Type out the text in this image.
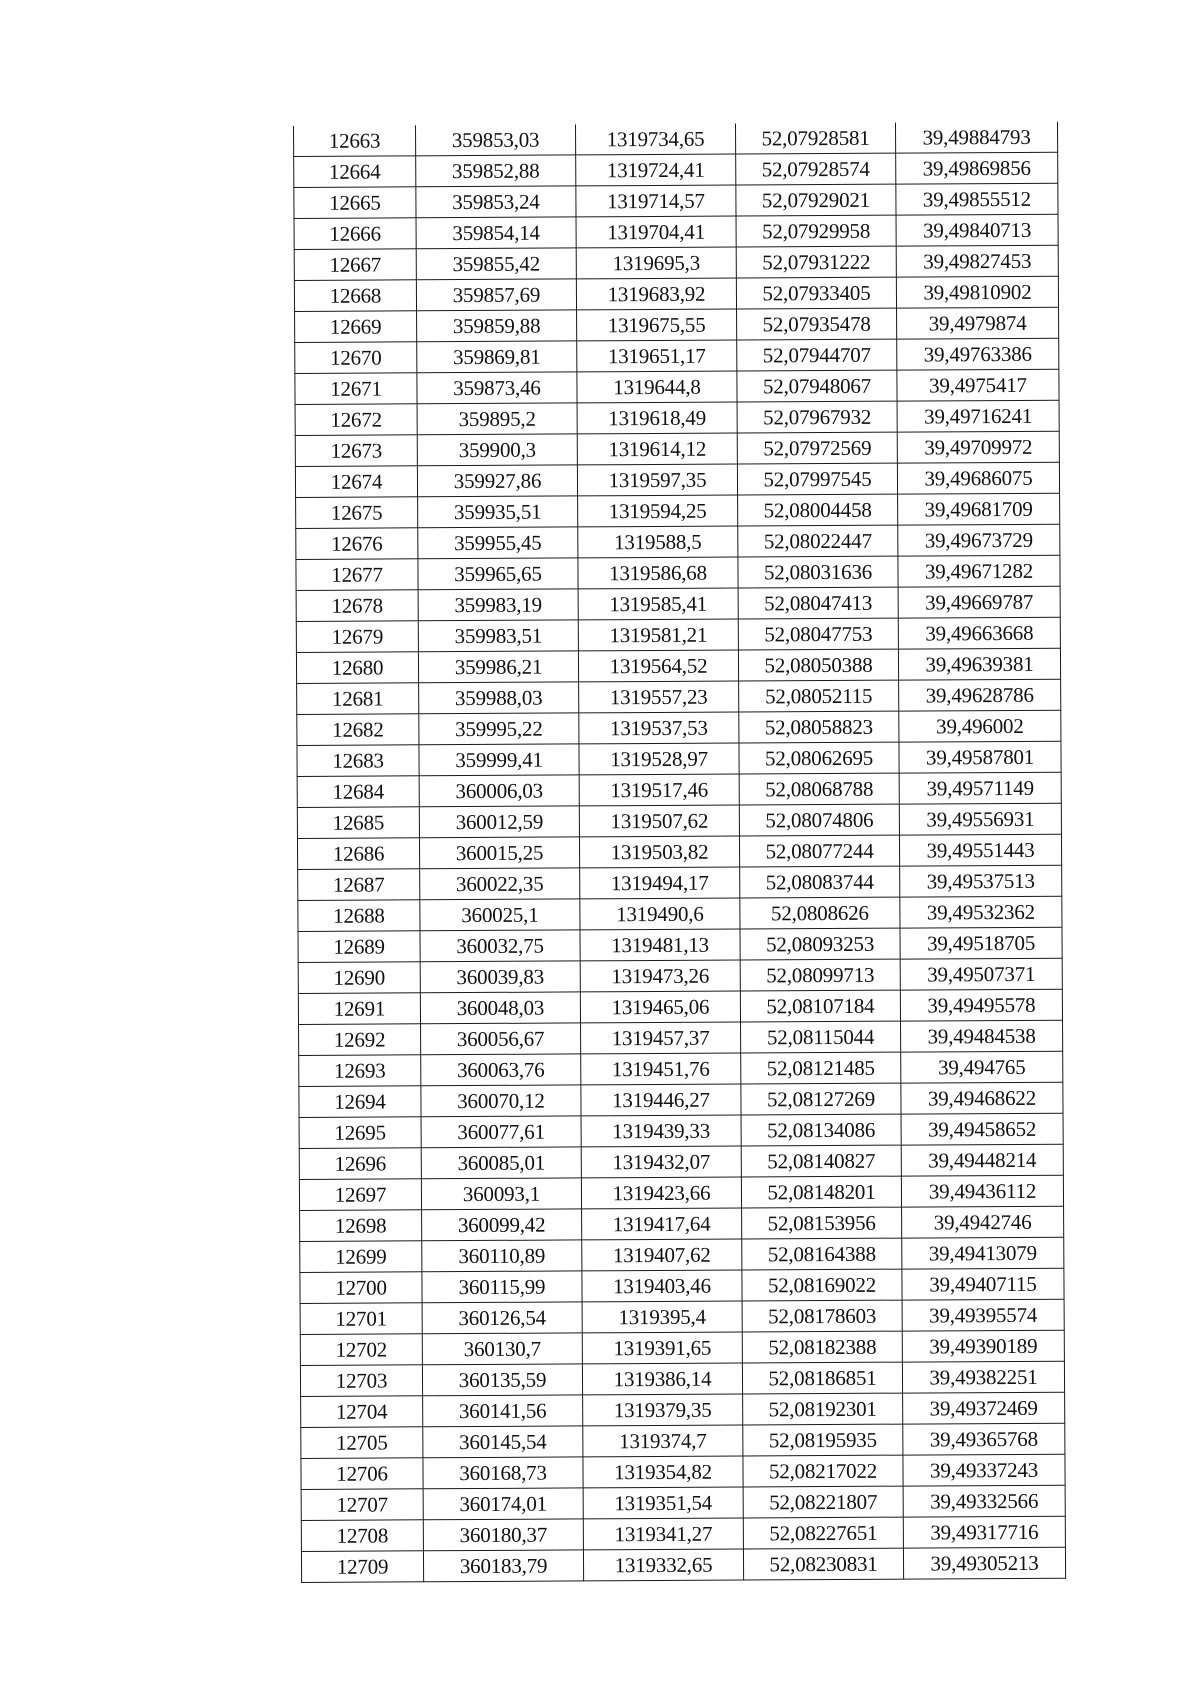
12663	359853,03	1319734,65	52,07928581	39,49884793
12664	359852,88	1319724,41	52,07928574	39,49869856
12665	359853,24	1319714,57	52,07929021	39,49855512
12666	359854,14	1319704,41	52,07929958	39,49840713
12667	359855,42	1319695,3	52,07931222	39,49827453
12668	359857,69	1319683,92	52,07933405	39,49810902
12669	359859,88	1319675,55	52,07935478	39,4979874
12670	359869,81	1319651,17	52,07944707	39,49763386
12671	359873,46	1319644,8	52,07948067	39,4975417
12672	359895,2	1319618,49	52,07967932	39,49716241
12673	359900,3	1319614,12	52,07972569	39,49709972
12674	359927,86	1319597,35	52,07997545	39,49686075
12675	359935,51	1319594,25	52,08004458	39,49681709
12676	359955,45	1319588,5	52,08022447	39,49673729
12677	359965,65	1319586,68	52,08031636	39,49671282
12678	359983,19	1319585,41	52,08047413	39,49669787
12679	359983,51	1319581,21	52,08047753	39,49663668
12680	359986,21	1319564,52	52,08050388	39,49639381
12681	359988,03	1319557,23	52,08052115	39,49628786
12682	359995,22	1319537,53	52,08058823	39,496002
12683	359999,41	1319528,97	52,08062695	39,49587801
12684	360006,03	1319517,46	52,08068788	39,49571149
12685	360012,59	1319507,62	52,08074806	39,49556931
12686	360015,25	1319503,82	52,08077244	39,49551443
12687	360022,35	1319494,17	52,08083744	39,49537513
12688	360025,1	1319490,6	52,0808626	39,49532362
12689	360032,75	1319481,13	52,08093253	39,49518705
12690	360039,83	1319473,26	52,08099713	39,49507371
12691	360048,03	1319465,06	52,08107184	39,49495578
12692	360056,67	1319457,37	52,08115044	39,49484538
12693	360063,76	1319451,76	52,08121485	39,494765
12694	360070,12	1319446,27	52,08127269	39,49468622
12695	360077,61	1319439,33	52,08134086	39,49458652
12696	360085,01	1319432,07	52,08140827	39,49448214
12697	360093,1	1319423,66	52,08148201	39,49436112
12698	360099,42	1319417,64	52,08153956	39,4942746
12699	360110,89	1319407,62	52,08164388	39,49413079
12700	360115,99	1319403,46	52,08169022	39,49407115
12701	360126,54	1319395,4	52,08178603	39,49395574
12702	360130,7	1319391,65	52,08182388	39,49390189
12703	360135,59	1319386,14	52,08186851	39,49382251
12704	360141,56	1319379,35	52,08192301	39,49372469
12705	360145,54	1319374,7	52,08195935	39,49365768
12706	360168,73	1319354,82	52,08217022	39,49337243
12707	360174,01	1319351,54	52,08221807	39,49332566
12708	360180,37	1319341,27	52,08227651	39,49317716
12709	360183,79	1319332,65	52,08230831	39,49305213
